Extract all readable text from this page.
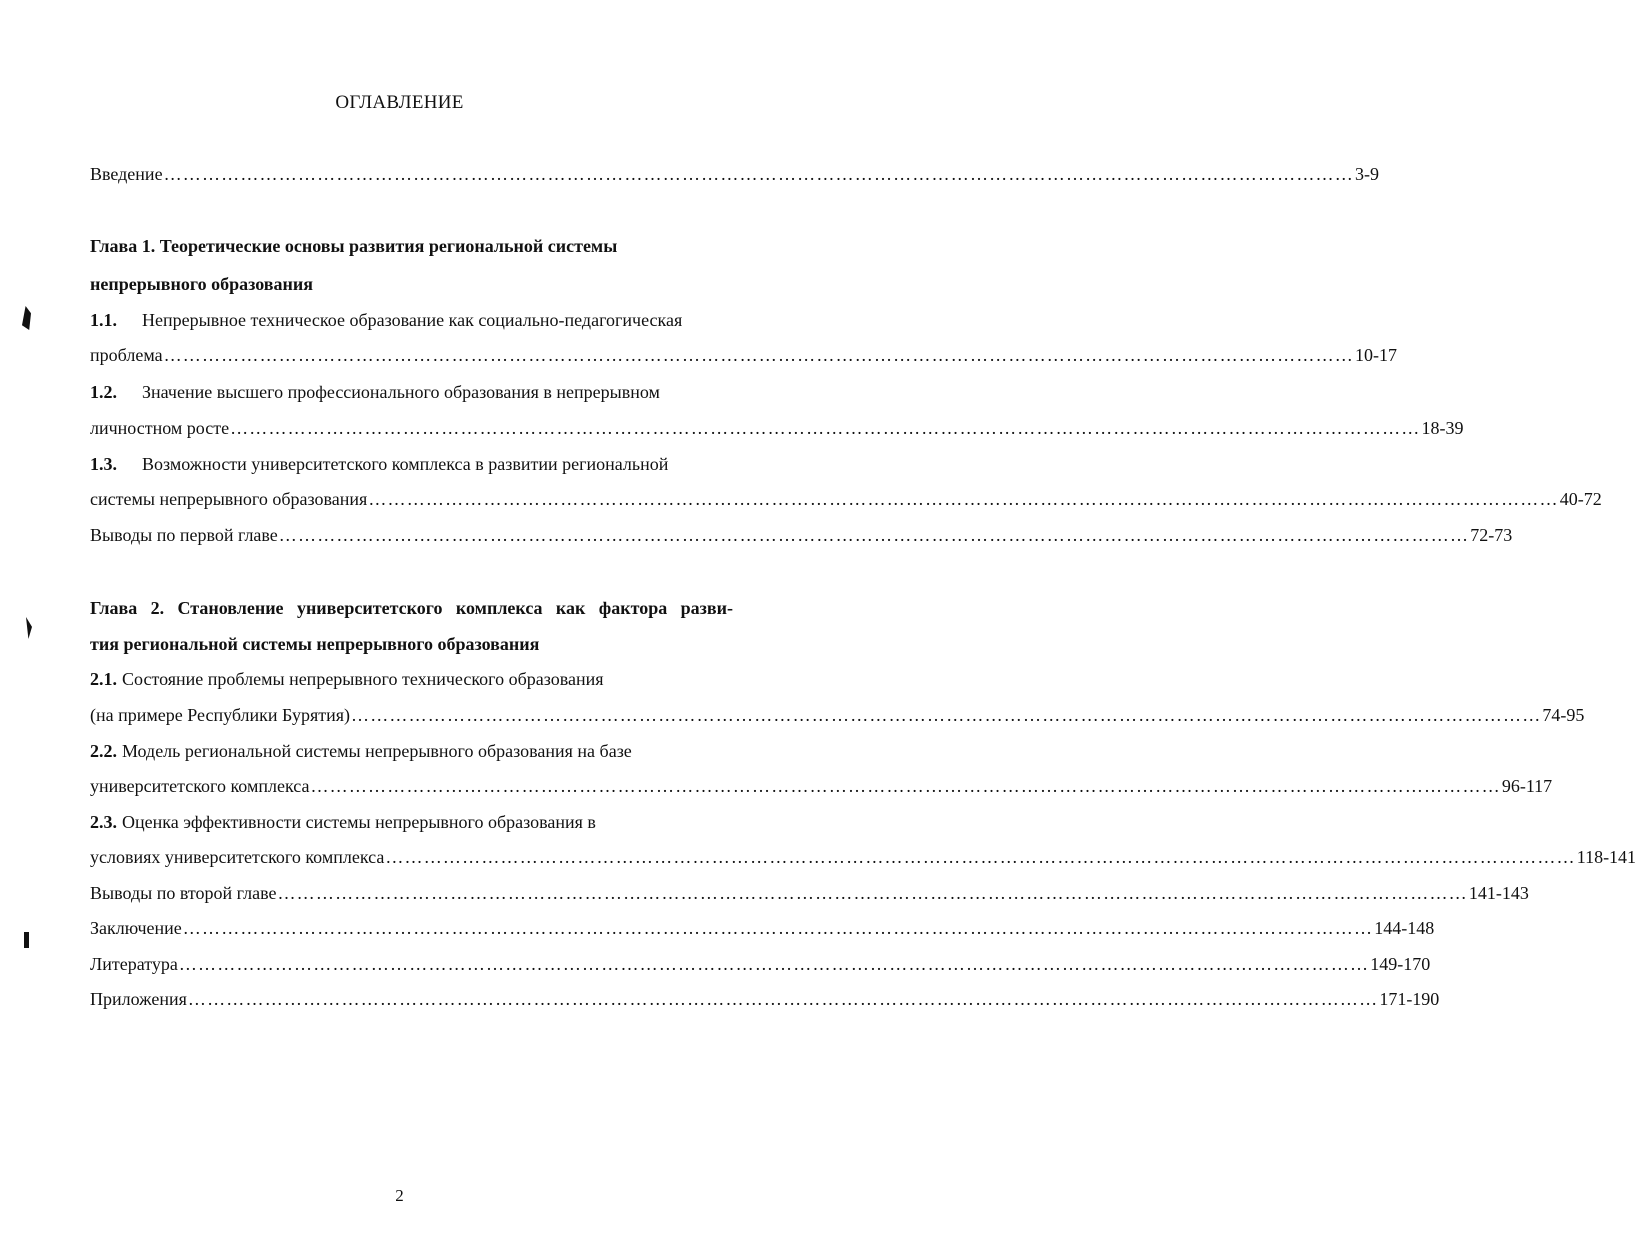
ОГЛАВЛЕНИЕ
Введение …………………………………………………………………………………………………………………………………………………………………… 3-9
Глава 1. Теоретические основы развития региональной системы
непрерывного образования
1.1. Непрерывное техническое образование как социально-педагогическая
проблема …………………………………………………………………………………………………………………………………………………………………… 10-17
1.2. Значение высшего профессионального образования в непрерывном
личностном росте …………………………………………………………………………………………………………………………………………………………………… 18-39
1.3. Возможности университетского комплекса в развитии региональной
системы непрерывного образования …………………………………………………………………………………………………………………………………………………………………… 40-72
Выводы по первой главе …………………………………………………………………………………………………………………………………………………………………… 72-73
Глава 2. Становление университетского комплекса как фактора разви-
тия региональной системы непрерывного образования
2.1. Состояние проблемы непрерывного технического образования
(на примере Республики Бурятия) …………………………………………………………………………………………………………………………………………………………………… 74-95
2.2. Модель региональной системы непрерывного образования на базе
университетского комплекса …………………………………………………………………………………………………………………………………………………………………… 96-117
2.3. Оценка эффективности системы непрерывного образования в
условиях университетского комплекса …………………………………………………………………………………………………………………………………………………………………… 118-141
Выводы по второй главе …………………………………………………………………………………………………………………………………………………………………… 141-143
Заключение …………………………………………………………………………………………………………………………………………………………………… 144-148
Литература …………………………………………………………………………………………………………………………………………………………………… 149-170
Приложения …………………………………………………………………………………………………………………………………………………………………… 171-190
2
